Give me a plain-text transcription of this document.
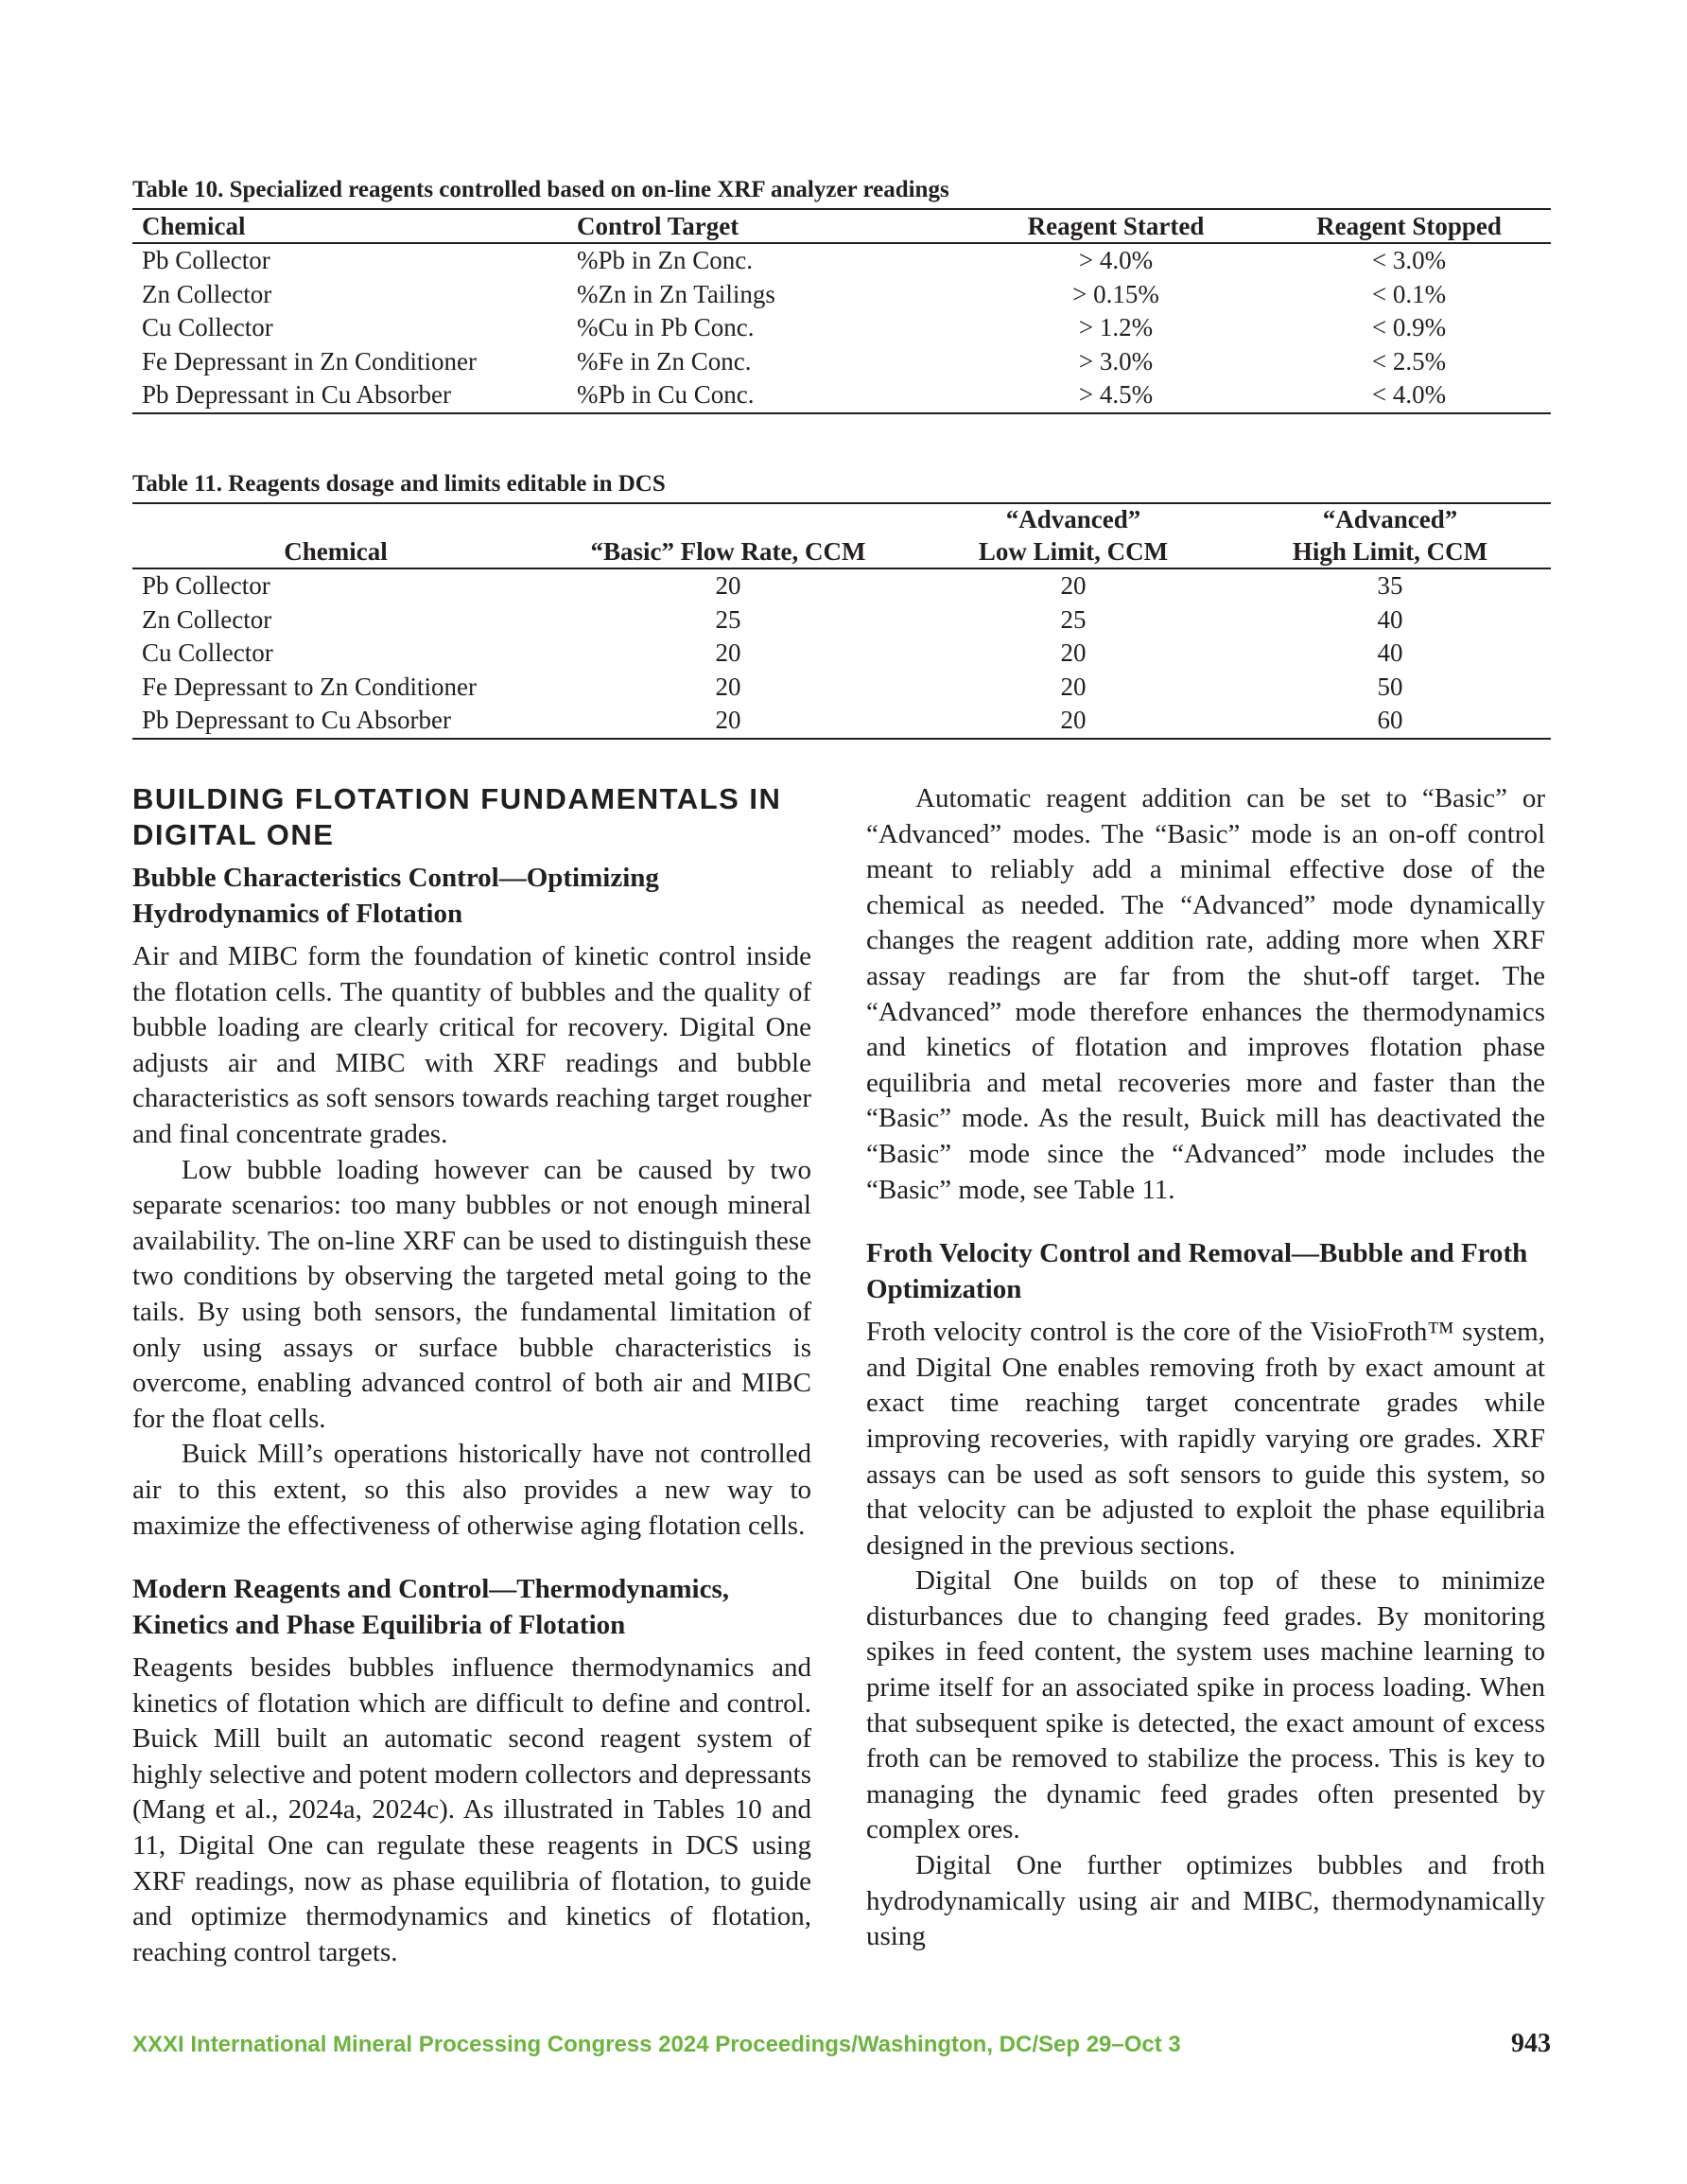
Table 10. Specialized reagents controlled based on on-line XRF analyzer readings
Chemical	Control Target	Reagent Started	Reagent Stopped
Pb Collector	%Pb in Zn Conc.	> 4.0%	< 3.0%
Zn Collector	%Zn in Zn Tailings	> 0.15%	< 0.1%
Cu Collector	%Cu in Pb Conc.	> 1.2%	< 0.9%
Fe Depressant in Zn Conditioner	%Fe in Zn Conc.	> 3.0%	< 2.5%
Pb Depressant in Cu Absorber	%Pb in Cu Conc.	> 4.5%	< 4.0%
Table 11. Reagents dosage and limits editable in DCS
		“Advanced”	“Advanced”
Chemical	“Basic” Flow Rate, CCM	Low Limit, CCM	High Limit, CCM
Pb Collector	20	20	35
Zn Collector	25	25	40
Cu Collector	20	20	40
Fe Depressant to Zn Conditioner	20	20	50
Pb Depressant to Cu Absorber	20	20	60
BUILDING FLOTATION FUNDAMENTALS IN DIGITAL ONE
Bubble Characteristics Control—Optimizing Hydrodynamics of Flotation

Air and MIBC form the foundation of kinetic control inside the flotation cells. The quantity of bubbles and the quality of bubble loading are clearly critical for recovery. Digital One adjusts air and MIBC with XRF readings and bubble characteristics as soft sensors towards reaching target rougher and final concentrate grades.

Low bubble loading however can be caused by two separate scenarios: too many bubbles or not enough mineral availability. The on-line XRF can be used to distinguish these two conditions by observing the targeted metal going to the tails. By using both sensors, the fundamental limitation of only using assays or surface bubble characteristics is overcome, enabling advanced control of both air and MIBC for the float cells.

Buick Mill’s operations historically have not controlled air to this extent, so this also provides a new way to maximize the effectiveness of otherwise aging flotation cells.

Modern Reagents and Control—Thermodynamics, Kinetics and Phase Equilibria of Flotation

Reagents besides bubbles influence thermodynamics and kinetics of flotation which are difficult to define and control. Buick Mill built an automatic second reagent system of highly selective and potent modern collectors and depressants (Mang et al., 2024a, 2024c). As illustrated in Tables 10 and 11, Digital One can regulate these reagents in DCS using XRF readings, now as phase equilibria of flotation, to guide and optimize thermodynamics and kinetics of flotation, reaching control targets.

Automatic reagent addition can be set to “Basic” or “Advanced” modes. The “Basic” mode is an on-off control meant to reliably add a minimal effective dose of the chemical as needed. The “Advanced” mode dynamically changes the reagent addition rate, adding more when XRF assay readings are far from the shut-off target. The “Advanced” mode therefore enhances the thermodynamics and kinetics of flotation and improves flotation phase equilibria and metal recoveries more and faster than the “Basic” mode. As the result, Buick mill has deactivated the “Basic” mode since the “Advanced” mode includes the “Basic” mode, see Table 11.

Froth Velocity Control and Removal—Bubble and Froth Optimization

Froth velocity control is the core of the VisioFroth™ system, and Digital One enables removing froth by exact amount at exact time reaching target concentrate grades while improving recoveries, with rapidly varying ore grades. XRF assays can be used as soft sensors to guide this system, so that velocity can be adjusted to exploit the phase equilibria designed in the previous sections.

Digital One builds on top of these to minimize disturbances due to changing feed grades. By monitoring spikes in feed content, the system uses machine learning to prime itself for an associated spike in process loading. When that subsequent spike is detected, the exact amount of excess froth can be removed to stabilize the process. This is key to managing the dynamic feed grades often presented by complex ores.

Digital One further optimizes bubbles and froth hydrodynamically using air and MIBC, thermodynamically using

XXXI International Mineral Processing Congress 2024 Proceedings/Washington, DC/Sep 29–Oct 3	943
